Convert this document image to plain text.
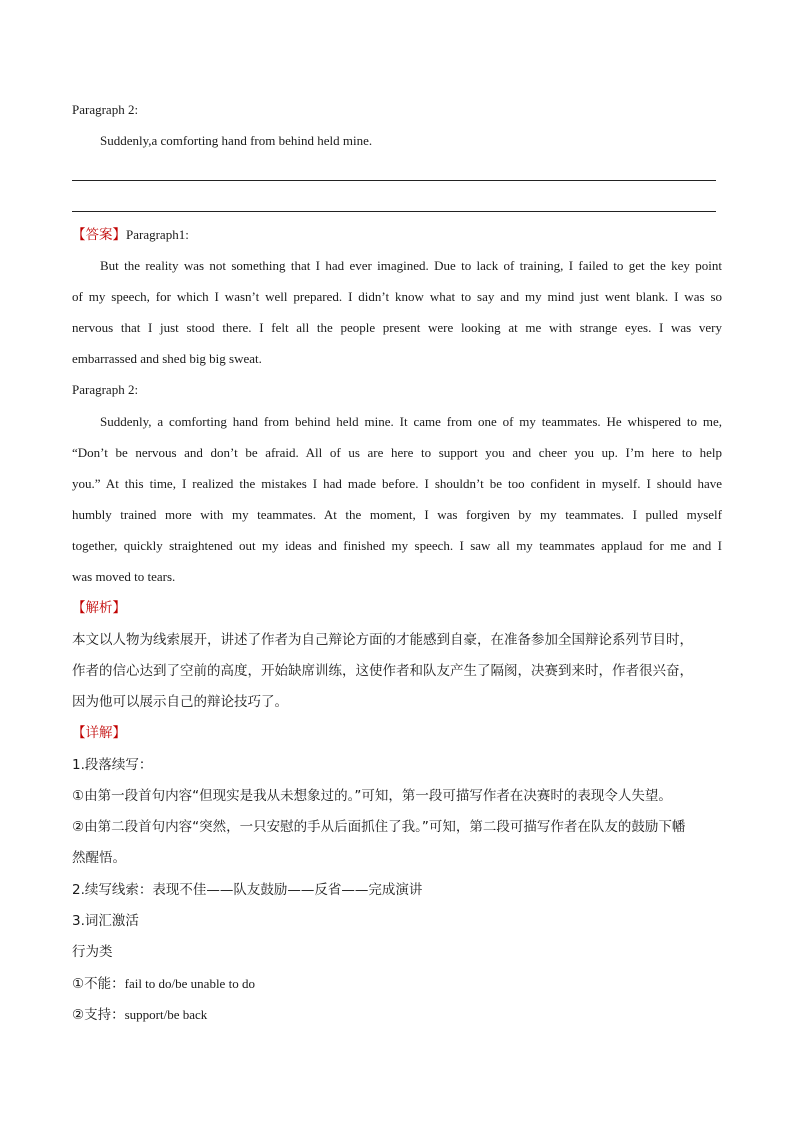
Paragraph 2:
Suddenly,a comforting hand from behind held mine.
【答案】Paragraph1:
But the reality was not something that I had ever imagined. Due to lack of training, I failed to get the key point
of my speech, for which I wasn’t well prepared. I didn’t know what to say and my mind just went blank. I was so
nervous that I just stood there. I felt all the people present were looking at me with strange eyes. I was very
embarrassed and shed big big sweat.
Paragraph 2:
Suddenly, a comforting hand from behind held mine. It came from one of my teammates. He whispered to me,
“Don’t be nervous and don’t be afraid. All of us are here to support you and cheer you up. I’m here to help
you.” At this time, I realized the mistakes I had made before. I shouldn’t be too confident in myself. I should have
humbly trained more with my teammates. At the moment, I was forgiven by my teammates. I pulled myself
together, quickly straightened out my ideas and finished my speech. I saw all my teammates applaud for me and I
was moved to tears.
【解析】
本文以人物为线索展开，讲述了作者为自己辩论方面的才能感到自豪，在准备参加全国辩论系列节目时，
作者的信心达到了空前的高度，开始缺席训练，这使作者和队友产生了隔阂，决赛到来时，作者很兴奋，
因为他可以展示自己的辩论技巧了。
【详解】
1.段落续写：
①由第一段首句内容“但现实是我从未想象过的。”可知，第一段可描写作者在决赛时的表现令人失望。
②由第二段首句内容“突然，一只安慰的手从后面抓住了我。”可知，第二段可描写作者在队友的鼓励下幡
然醒悟。
2.续写线索：表现不佳——队友鼓励——反省——完成演讲
3.词汇激活
行为类
①不能：fail to do/be unable to do
②支持：support/be back
